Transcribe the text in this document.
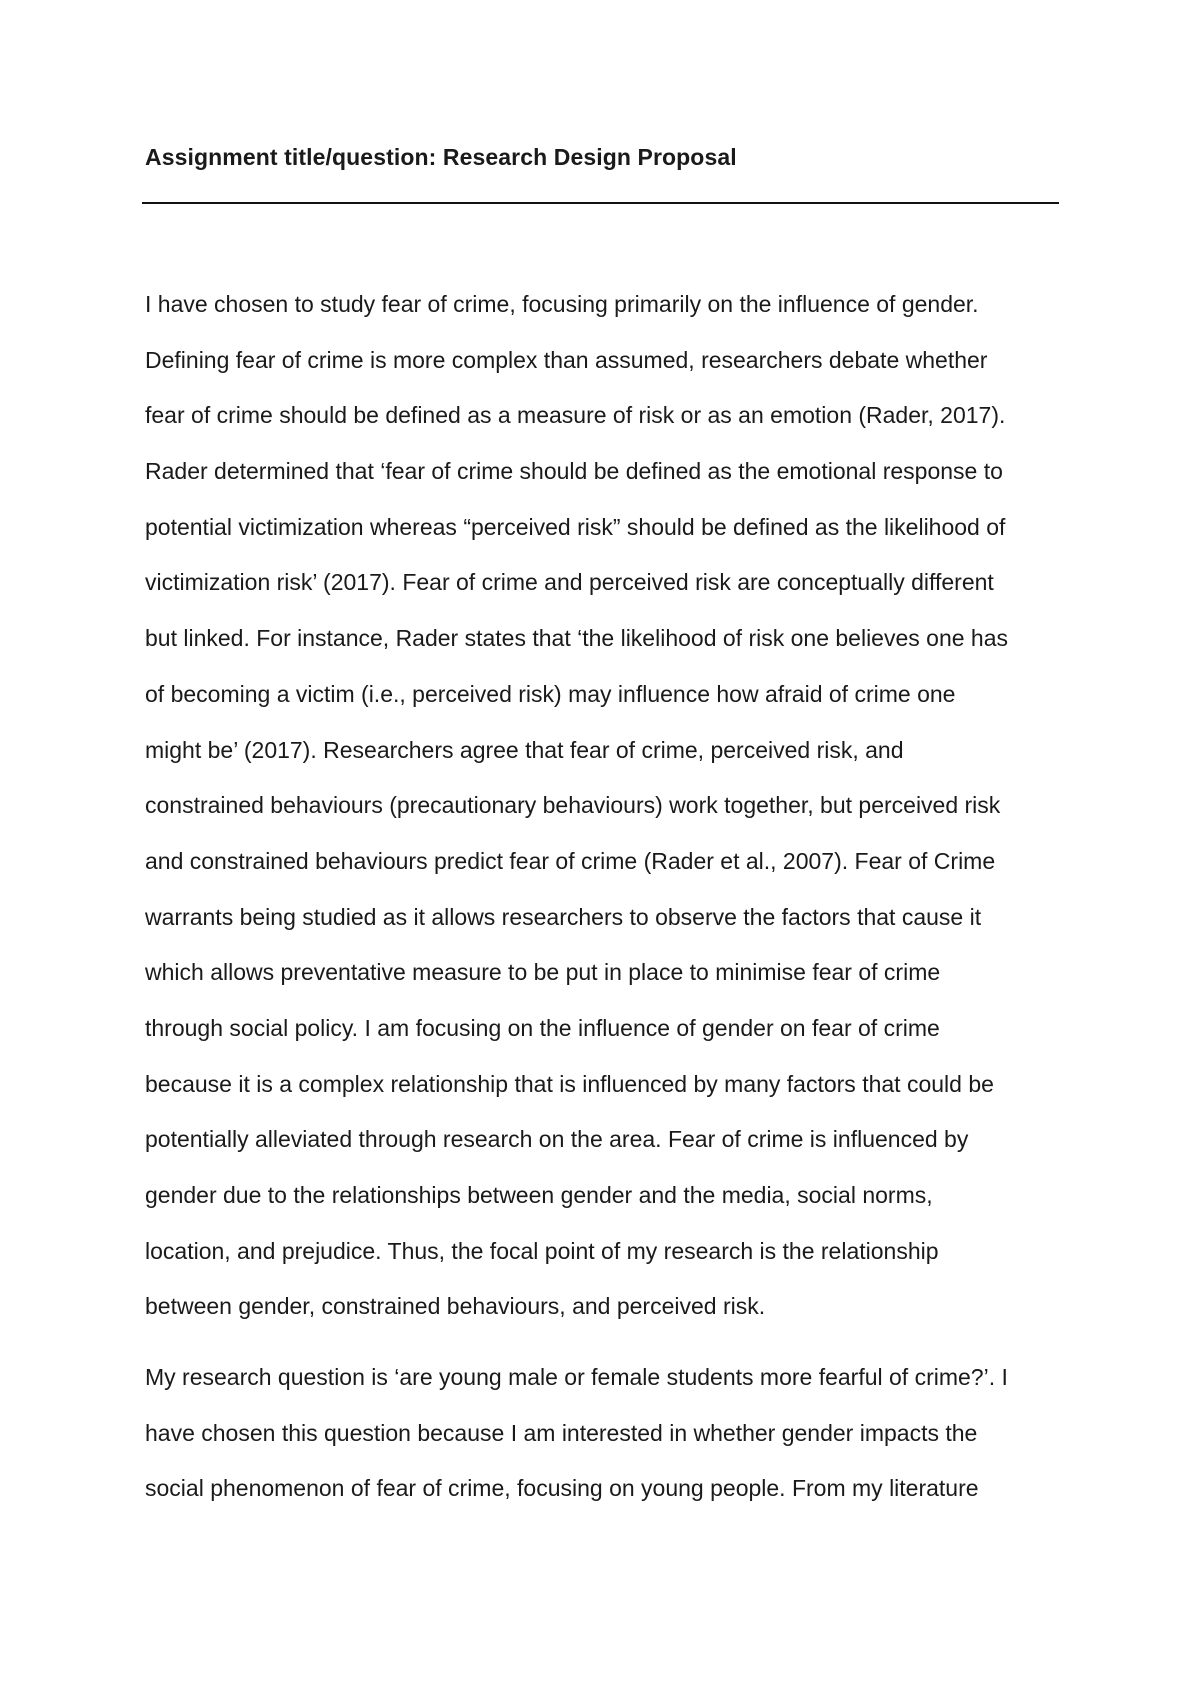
Assignment title/question: Research Design Proposal
I have chosen to study fear of crime, focusing primarily on the influence of gender.
Defining fear of crime is more complex than assumed, researchers debate whether
fear of crime should be defined as a measure of risk or as an emotion (Rader, 2017).
Rader determined that ‘fear of crime should be defined as the emotional response to
potential victimization whereas “perceived risk” should be defined as the likelihood of
victimization risk’ (2017). Fear of crime and perceived risk are conceptually different
but linked. For instance, Rader states that ‘the likelihood of risk one believes one has
of becoming a victim (i.e., perceived risk) may influence how afraid of crime one
might be’ (2017). Researchers agree that fear of crime, perceived risk, and
constrained behaviours (precautionary behaviours) work together, but perceived risk
and constrained behaviours predict fear of crime (Rader et al., 2007). Fear of Crime
warrants being studied as it allows researchers to observe the factors that cause it
which allows preventative measure to be put in place to minimise fear of crime
through social policy. I am focusing on the influence of gender on fear of crime
because it is a complex relationship that is influenced by many factors that could be
potentially alleviated through research on the area. Fear of crime is influenced by
gender due to the relationships between gender and the media, social norms,
location, and prejudice. Thus, the focal point of my research is the relationship
between gender, constrained behaviours, and perceived risk.
My research question is ‘are young male or female students more fearful of crime?’. I
have chosen this question because I am interested in whether gender impacts the
social phenomenon of fear of crime, focusing on young people. From my literature
